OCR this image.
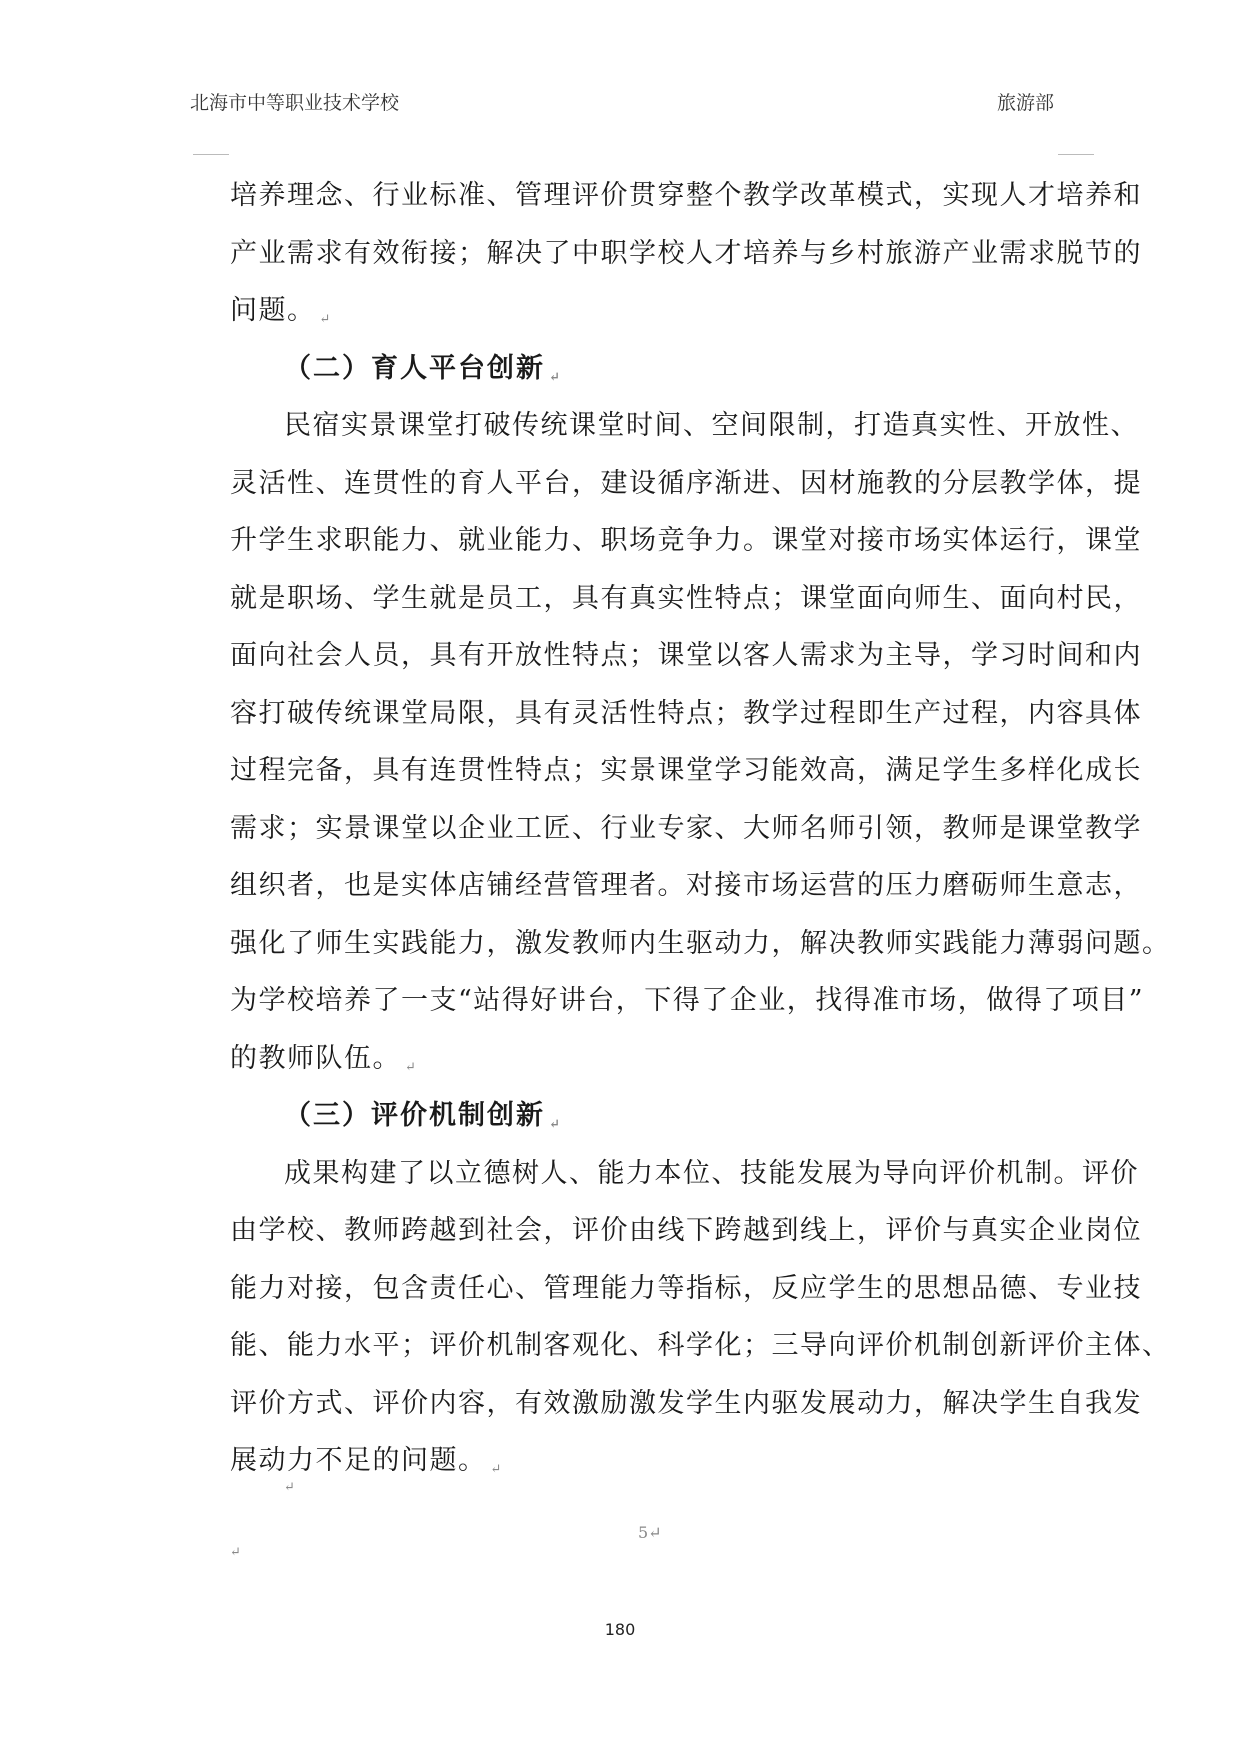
北海市中等职业技术学校	旅游部
培养理念、行业标准、管理评价贯穿整个教学改革模式，实现人才培养和
产业需求有效衔接；解决了中职学校人才培养与乡村旅游产业需求脱节的
问题。 ↵
（二）育人平台创新 ↵
民宿实景课堂打破传统课堂时间、空间限制，打造真实性、开放性、
灵活性、连贯性的育人平台，建设循序渐进、因材施教的分层教学体，提
升学生求职能力、就业能力、职场竞争力。课堂对接市场实体运行，课堂
就是职场、学生就是员工，具有真实性特点；课堂面向师生、面向村民，
面向社会人员，具有开放性特点；课堂以客人需求为主导，学习时间和内
容打破传统课堂局限，具有灵活性特点；教学过程即生产过程，内容具体
过程完备，具有连贯性特点；实景课堂学习能效高，满足学生多样化成长
需求；实景课堂以企业工匠、行业专家、大师名师引领，教师是课堂教学
组织者，也是实体店铺经营管理者。对接市场运营的压力磨砺师生意志，
强化了师生实践能力，激发教师内生驱动力，解决教师实践能力薄弱问题。
为学校培养了一支“站得好讲台，下得了企业，找得准市场，做得了项目”
的教师队伍。 ↵
（三）评价机制创新 ↵
成果构建了以立德树人、能力本位、技能发展为导向评价机制。评价
由学校、教师跨越到社会，评价由线下跨越到线上，评价与真实企业岗位
能力对接，包含责任心、管理能力等指标，反应学生的思想品德、专业技
能、能力水平；评价机制客观化、科学化；三导向评价机制创新评价主体、
评价方式、评价内容，有效激励激发学生内驱发展动力，解决学生自我发
展动力不足的问题。 ↵
↵
5↵
↵
180
